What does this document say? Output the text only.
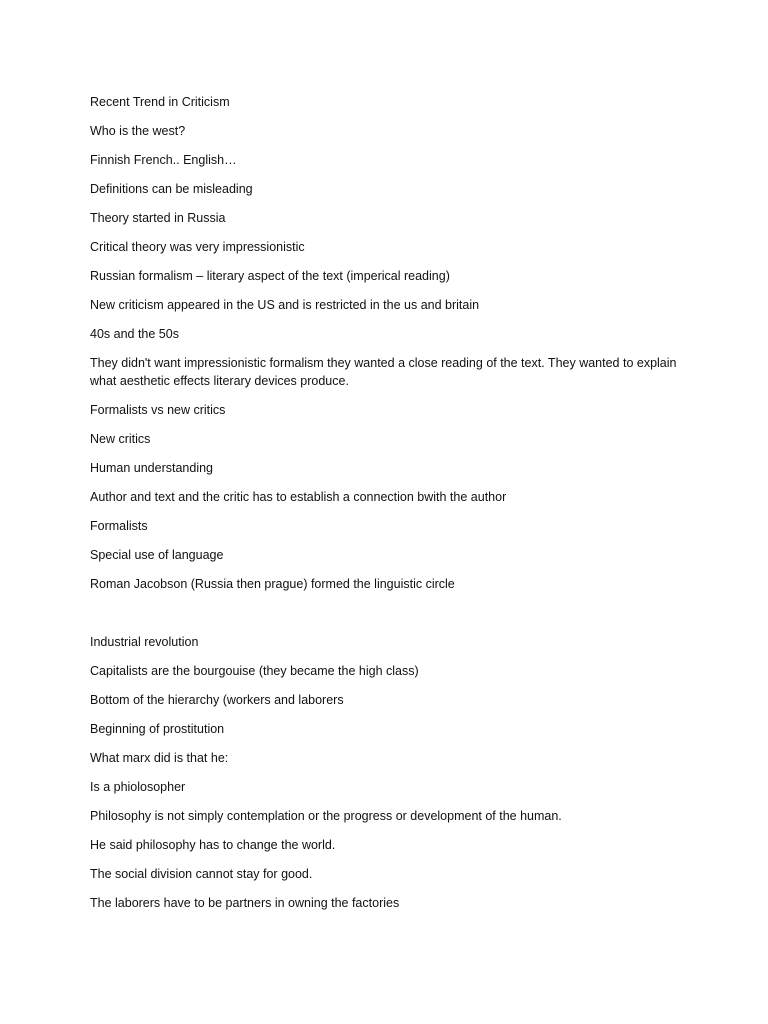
Recent Trend in Criticism

Who is the west?

Finnish French.. English…

Definitions can be misleading

Theory started in Russia

Critical theory was very impressionistic

Russian formalism – literary aspect of the text (imperical reading)

New criticism appeared in the US and is restricted in the us and britain

40s and the 50s

They didn't want impressionistic formalism they wanted a close reading of the text. They wanted to explain what aesthetic effects literary devices produce.

Formalists vs new critics

New critics

Human understanding

Author and text and the critic has to establish a connection bwith the author

Formalists

Special use of language

Roman Jacobson (Russia then prague) formed the linguistic circle

Industrial revolution

Capitalists are the bourgouise (they became the high class)

Bottom of the hierarchy (workers and laborers

Beginning of prostitution

What marx did is that he:

Is a phiolosopher

Philosophy is not simply contemplation or the progress or development of the human.

He said philosophy has to change the world.

The social division cannot stay for good.

The laborers have to be partners in owning the factories
